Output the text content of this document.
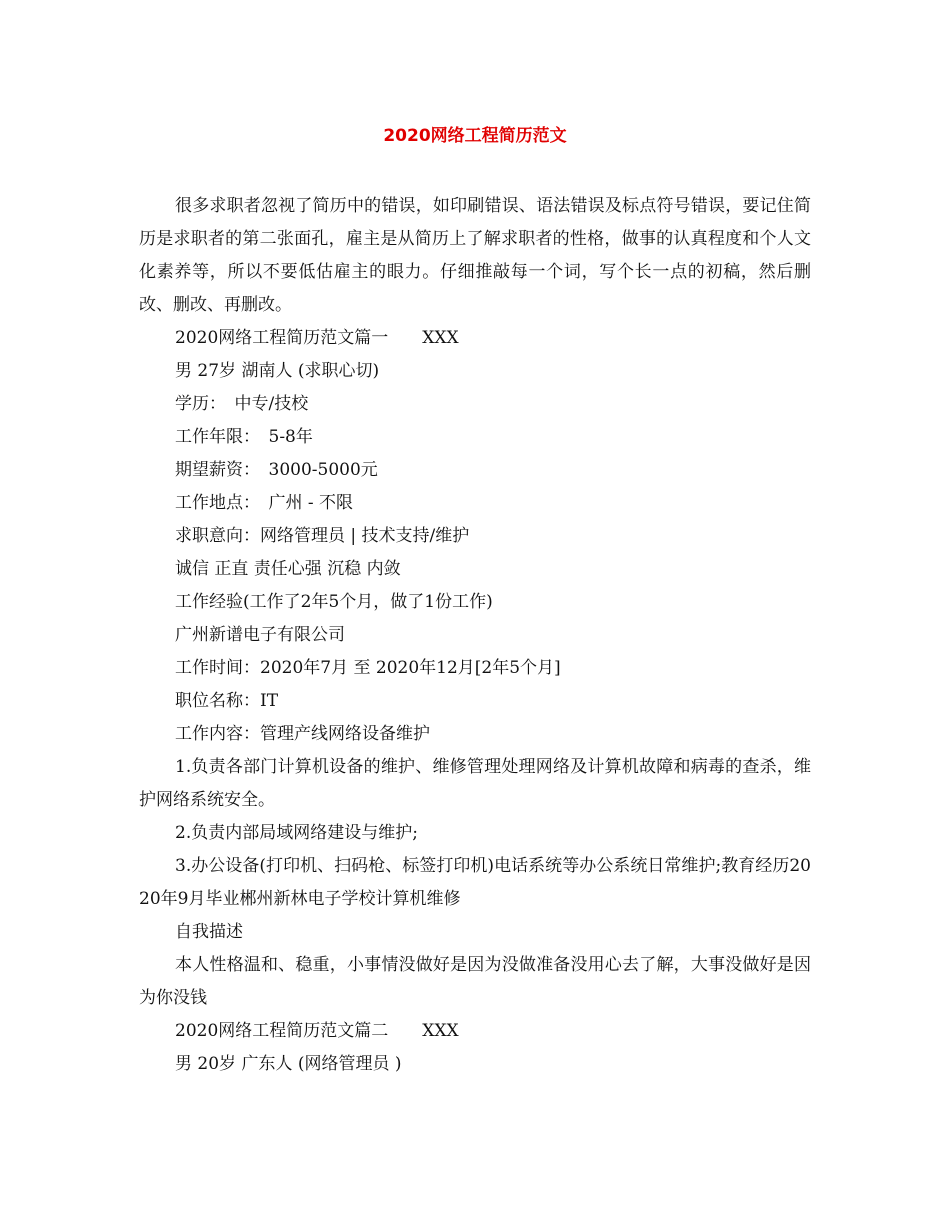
2020网络工程简历范文

很多求职者忽视了简历中的错误，如印刷错误、语法错误及标点符号错误，要记住简历是求职者的第二张面孔，雇主是从简历上了解求职者的性格，做事的认真程度和个人文化素养等，所以不要低估雇主的眼力。仔细推敲每一个词，写个长一点的初稿，然后删改、删改、再删改。

2020网络工程简历范文篇一　　XXX

男 27岁 湖南人 (求职心切)

学历：　中专/技校

工作年限：　5-8年

期望薪资：　3000-5000元

工作地点：　广州 - 不限

求职意向：网络管理员 | 技术支持/维护

诚信 正直 责任心强 沉稳 内敛

工作经验(工作了2年5个月，做了1份工作)

广州新谱电子有限公司

工作时间：2020年7月 至 2020年12月[2年5个月]

职位名称：IT

工作内容：管理产线网络设备维护

1.负责各部门计算机设备的维护、维修管理处理网络及计算机故障和病毒的查杀，维护网络系统安全。

2.负责内部局域网络建设与维护;

3.办公设备(打印机、扫码枪、标签打印机)电话系统等办公系统日常维护;教育经历2020年9月毕业郴州新林电子学校计算机维修

自我描述

本人性格温和、稳重，小事情没做好是因为没做准备没用心去了解，大事没做好是因为你没钱

2020网络工程简历范文篇二　　XXX

男 20岁 广东人 (网络管理员 )
